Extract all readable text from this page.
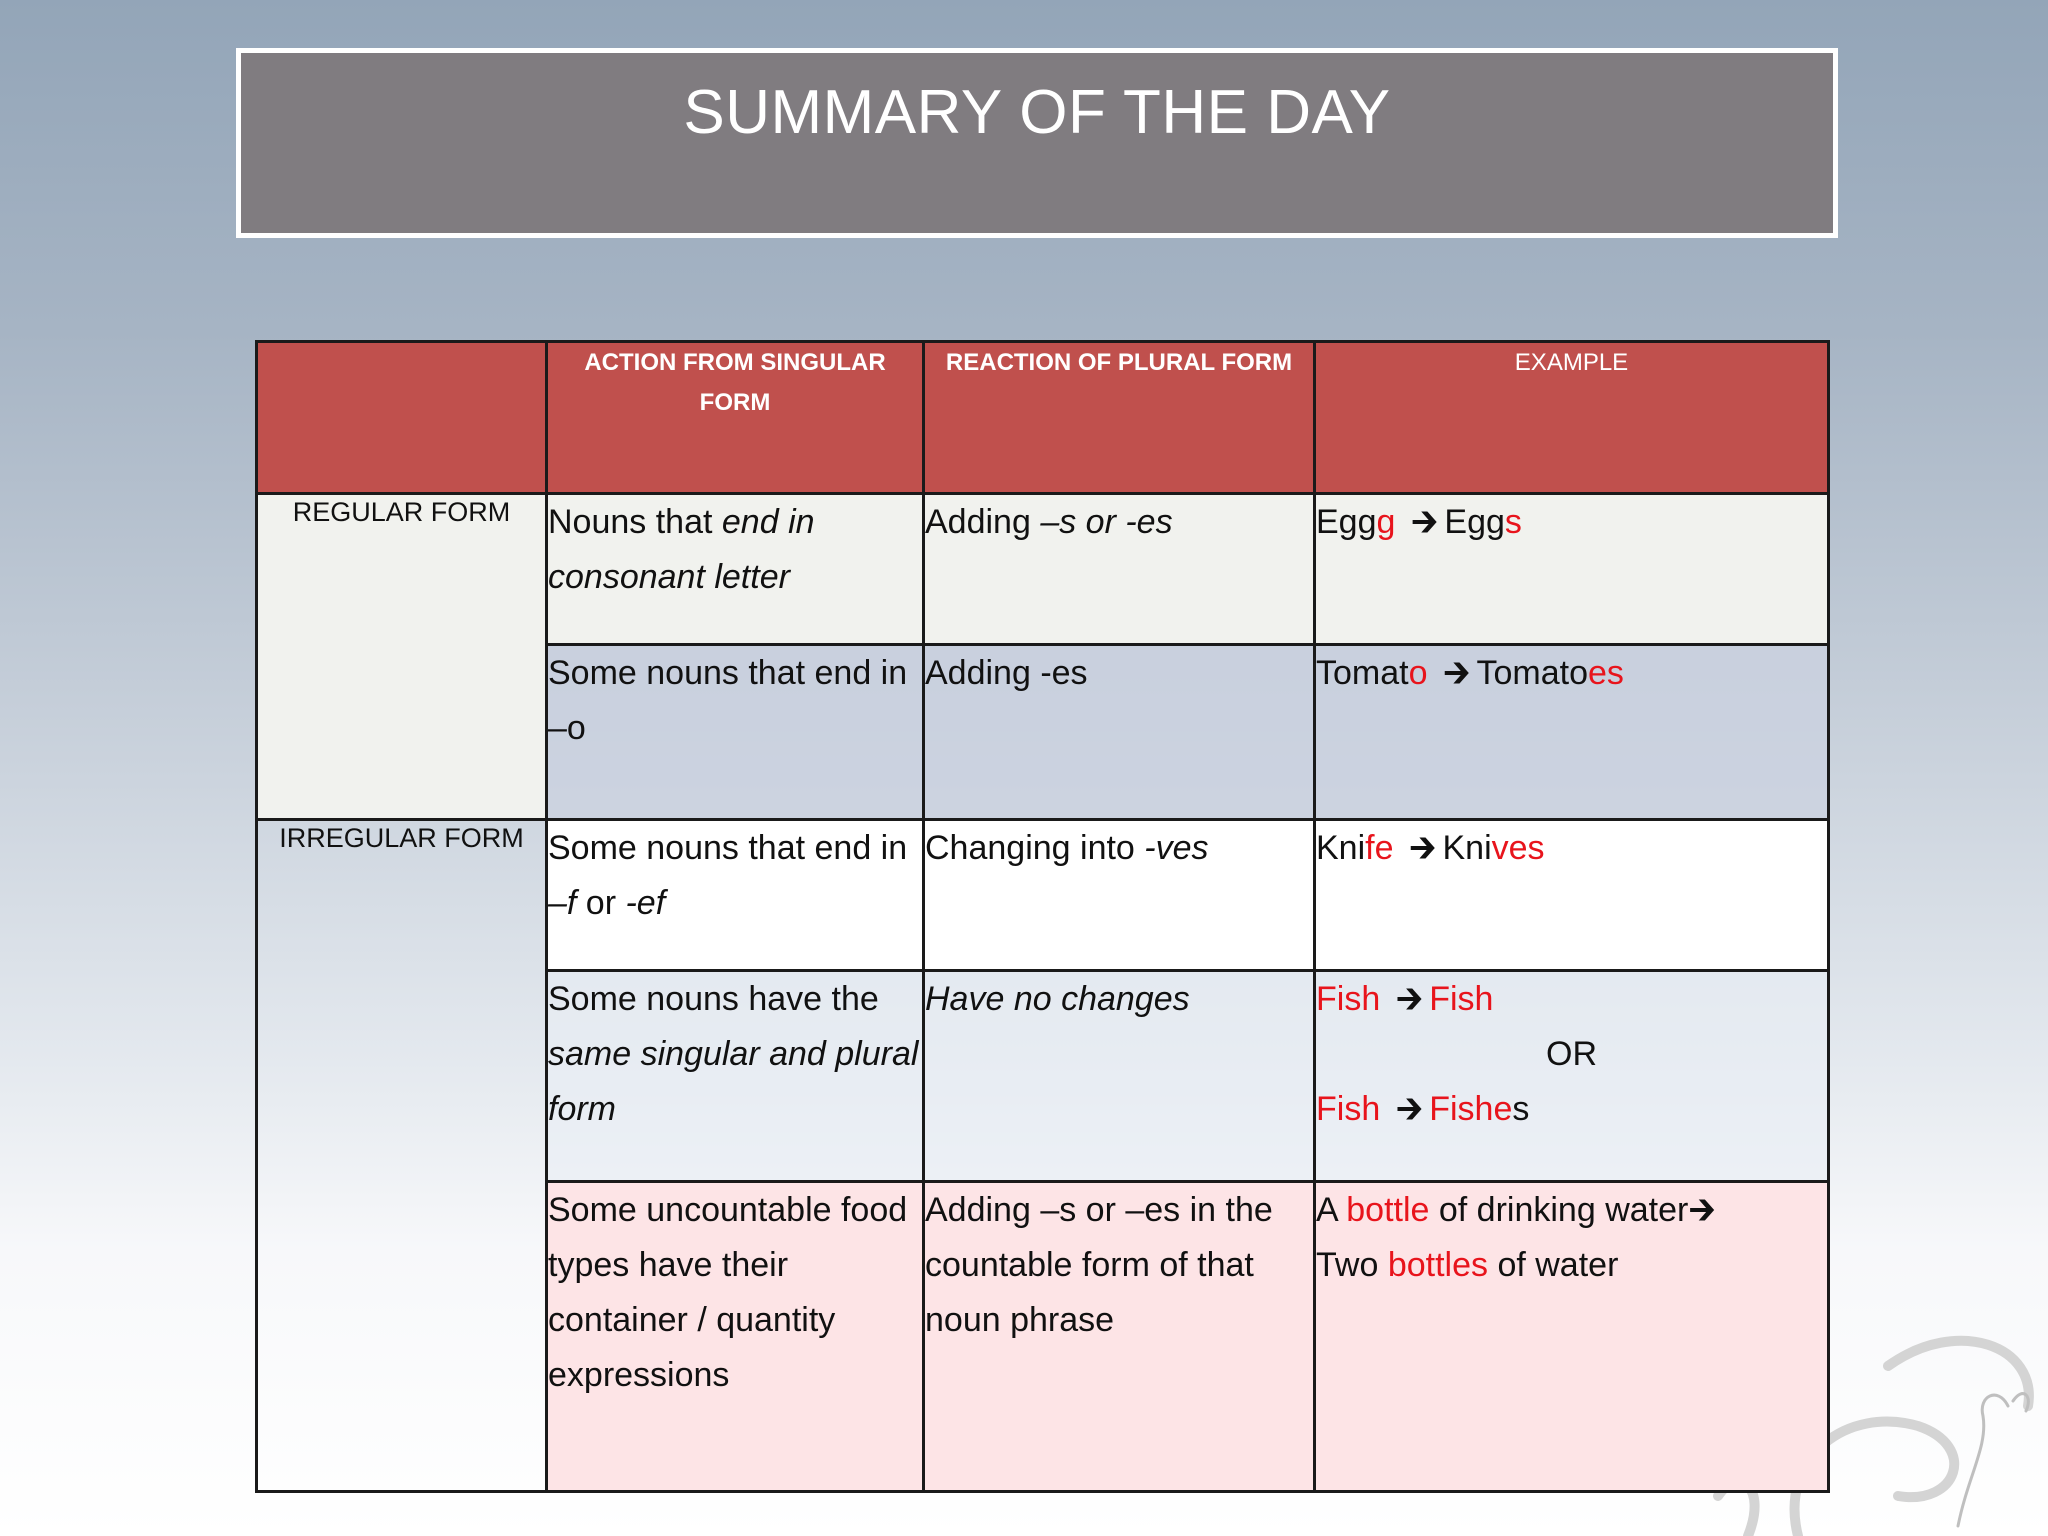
SUMMARY OF THE DAY
	ACTION FROM SINGULAR FORM	REACTION OF PLURAL FORM	EXAMPLE
REGULAR FORM	Nouns that end in consonant letter	Adding –s or -es	Eggg 🡲 Eggs
	Some nouns that end in –o	Adding -es	Tomato 🡲 Tomatoes
IRREGULAR FORM	Some nouns that end in –f or -ef	Changing into -ves	Knife 🡲 Knives
	Some nouns have the same singular and plural form	Have no changes	Fish 🡲 Fish
OR
Fish 🡲 Fishes

	Some uncountable food types have their container / quantity expressions	Adding –s or –es in the countable form of that noun phrase	A bottle of drinking water🡲
Two bottles of water
